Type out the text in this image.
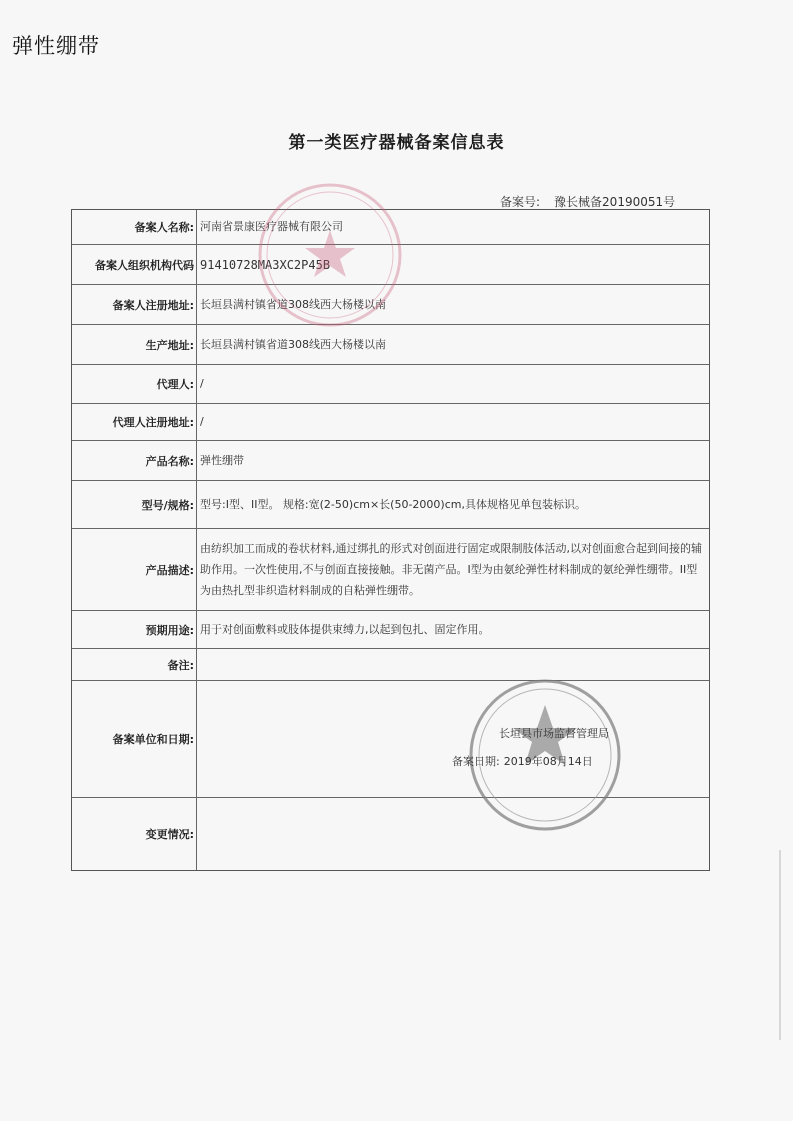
弹性绷带
第一类医疗器械备案信息表
备案号: 豫长械备20190051号
备案人名称: 河南省景康医疗器械有限公司
备案人组织机构代码 91410728MA3XC2P45B
备案人注册地址: 长垣县满村镇省道308线西大杨楼以南
生产地址: 长垣县满村镇省道308线西大杨楼以南
代理人: /
代理人注册地址: /
产品名称: 弹性绷带
型号/规格: 型号:I型、II型。 规格:宽(2-50)cm×长(50-2000)cm,具体规格见单包装标识。
产品描述:
由纺织加工而成的卷状材料,通过绑扎的形式对创面进行固定或限制肢体活动,以对创面愈合起到间接的辅助作用。一次性使用,不与创面直接接触。非无菌产品。I型为由氨纶弹性材料制成的氨纶弹性绷带。II型为由热扎型非织造材料制成的自粘弹性绷带。
预期用途: 用于对创面敷料或肢体提供束缚力,以起到包扎、固定作用。
备注:
备案单位和日期:
变更情况:
长垣县市场监督管理局
备案日期: 2019年08月14日
